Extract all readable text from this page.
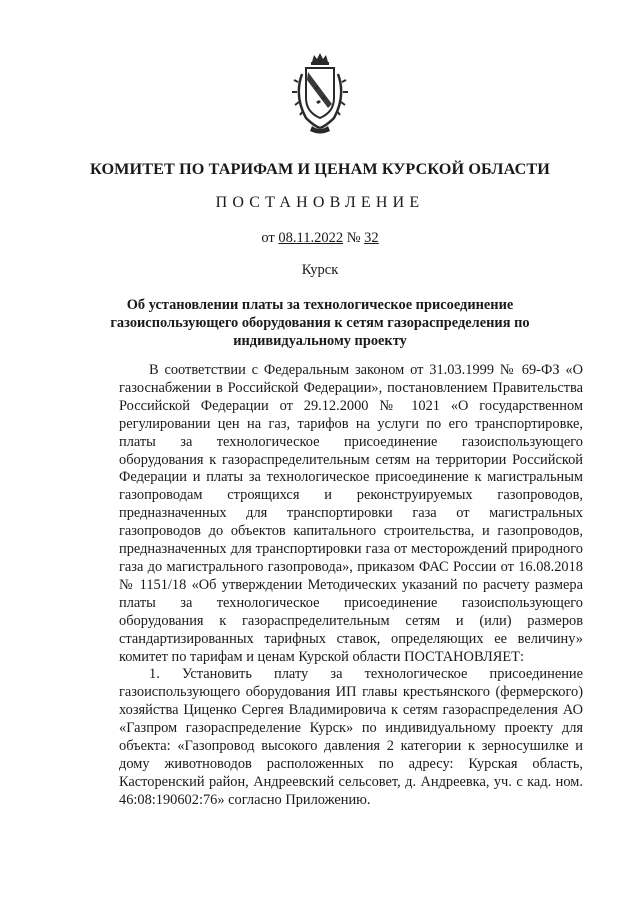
КОМИТЕТ ПО ТАРИФАМ И ЦЕНАМ КУРСКОЙ ОБЛАСТИ
ПОСТАНОВЛЕНИЕ
от 08.11.2022 № 32
Курск
Об установлении платы за технологическое присоединение газоиспользующего оборудования к сетям газораспределения по индивидуальному проекту

В соответствии с Федеральным законом от 31.03.1999 № 69-ФЗ «О газоснабжении в Российской Федерации», постановлением Правительства Российской Федерации от 29.12.2000 № 1021 «О государственном регулировании цен на газ, тарифов на услуги по его транспортировке, платы за технологическое присоединение газоиспользующего оборудования к газораспределительным сетям на территории Российской Федерации и платы за технологическое присоединение к магистральным газопроводам строящихся и реконструируемых газопроводов, предназначенных для транспортировки газа от магистральных газопроводов до объектов капитального строительства, и газопроводов, предназначенных для транспортировки газа от месторождений природного газа до магистрального газопровода», приказом ФАС России от 16.08.2018 № 1151/18 «Об утверждении Методических указаний по расчету размера платы за технологическое присоединение газоиспользующего оборудования к газораспределительным сетям и (или) размеров стандартизированных тарифных ставок, определяющих ее величину» комитет по тарифам и ценам Курской области ПОСТАНОВЛЯЕТ:

1. Установить плату за технологическое присоединение газоиспользующего оборудования ИП главы крестьянского (фермерского) хозяйства Циценко Сергея Владимировича к сетям газораспределения АО «Газпром газораспределение Курск» по индивидуальному проекту для объекта: «Газопровод высокого давления 2 категории к зерносушилке и дому животноводов расположенных по адресу: Курская область, Касторенский район, Андреевский сельсовет, д. Андреевка, уч. с кад. ном. 46:08:190602:76» согласно Приложению.
